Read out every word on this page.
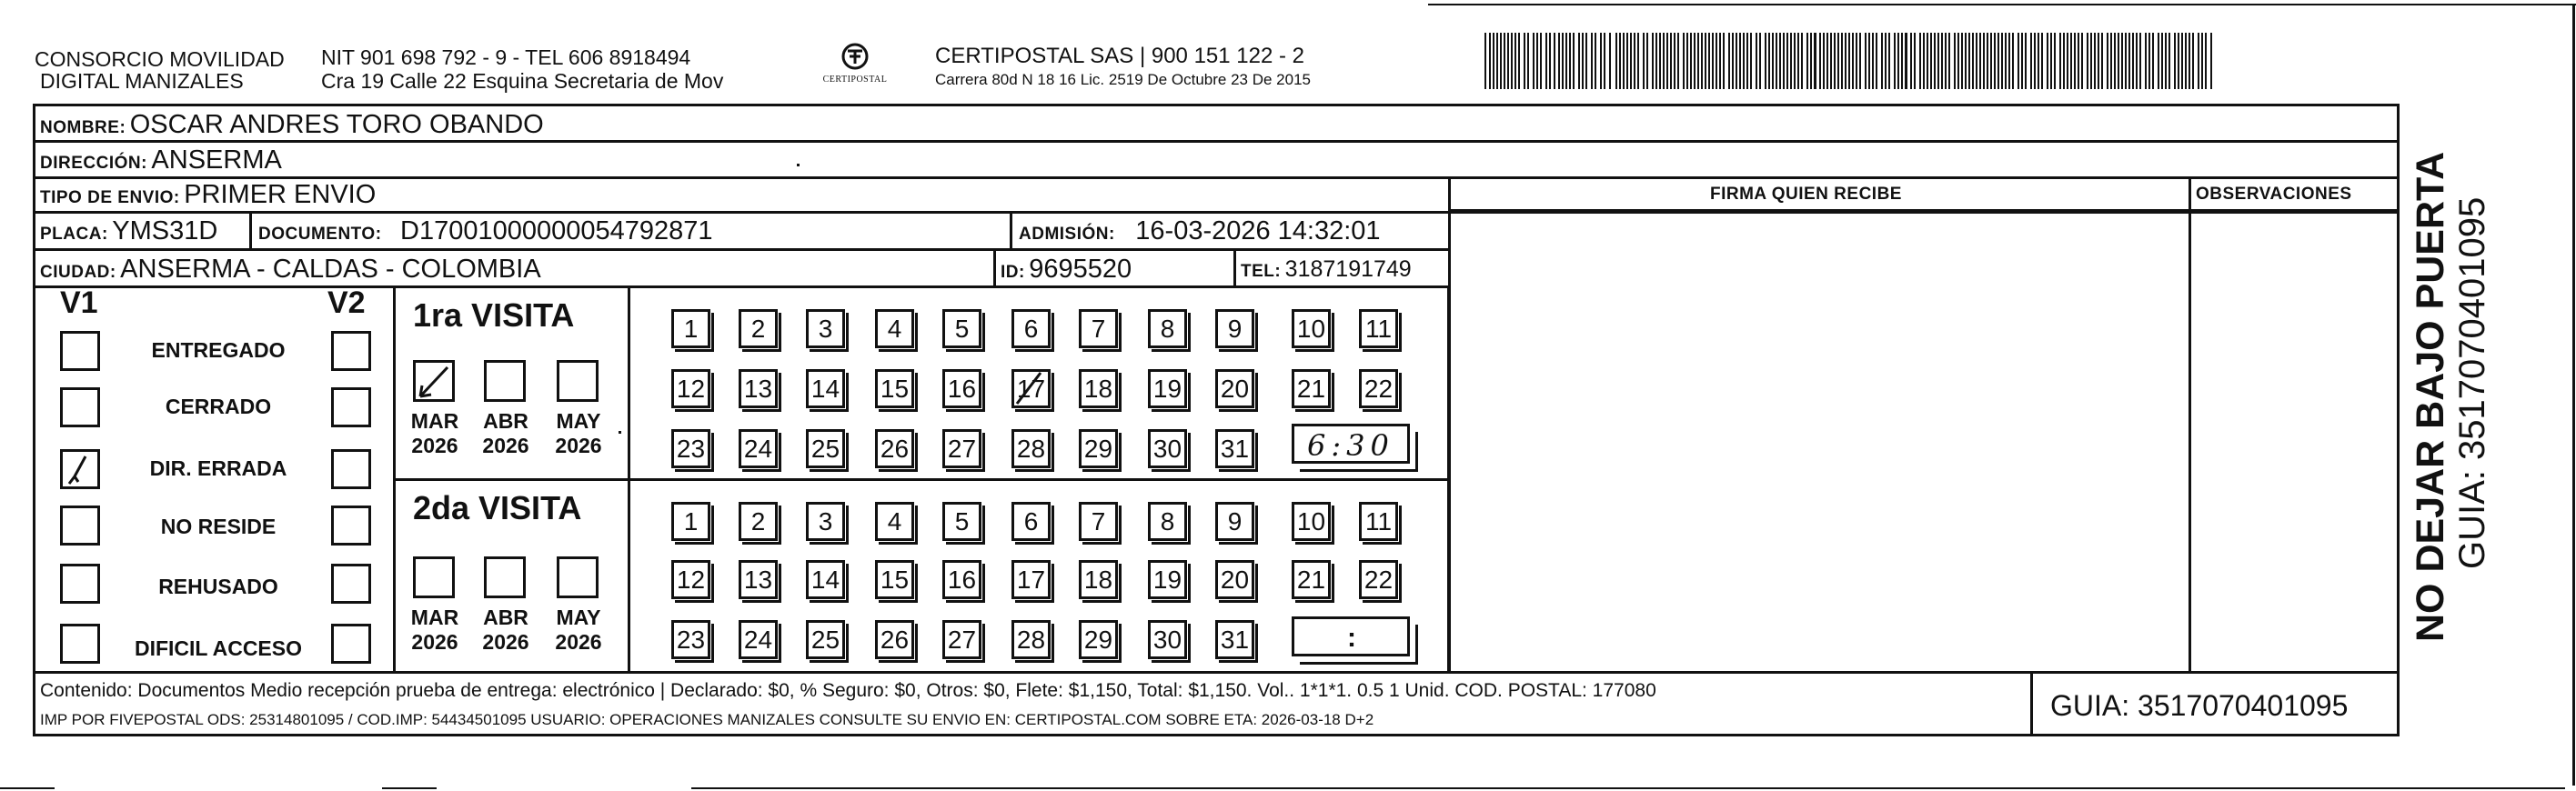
CONSORCIO MOVILIDAD
DIGITAL MANIZALES
NIT 901 698 792 - 9 - TEL 606 8918494
Cra 19 Calle 22 Esquina Secretaria de Mov	CERTIPOSTAL
CERTIPOSTAL SAS | 900 151 122 - 2
Carrera 80d N 18 16 Lic. 2519 De Octubre 23 De 2015
NOMBRE: OSCAR ANDRES TORO OBANDO
DIRECCIÓN: ANSERMA
TIPO DE ENVIO: PRIMER ENVIO	FIRMA QUIEN RECIBE	OBSERVACIONES
PLACA: YMS31D DOCUMENTO: D17001000000054792871	ADMISIÓN: 16-03-2026 14:32:01
CIUDAD: ANSERMA - CALDAS - COLOMBIA	ID: 9695520	TEL: 3187191749
V1	V2
ENTREGADO
CERRADO
DIR. ERRADA
NO RESIDE
REHUSADO
DIFICIL ACCESO
1ra VISITA
2da VISITA
MAR
2026
ABR
2026
MAY
2026
MAR
2026
ABR
2026
MAY
2026
1	2	3	4	5	6	7	8	9	10 11
12 13 14 15 16 17 18 19 20 21 22
23 24 25 26 27 28 29 30 31
1	2	3	4	5	6	7	8	9	10 11
12 13 14 15 16 17 18 19 20 21 22
23 24 25 26 27 28 29 30 31
6:30
:
Contenido: Documentos Medio recepción prueba de entrega: electrónico | Declarado: $0, % Seguro: $0, Otros: $0, Flete: $1,150, Total: $1,150. Vol.. 1*1*1. 0.5 1 Unid. COD. POSTAL: 177080
IMP POR FIVEPOSTAL ODS: 25314801095 / COD.IMP: 54434501095 USUARIO: OPERACIONES MANIZALES CONSULTE SU ENVIO EN: CERTIPOSTAL.COM SOBRE ETA: 2026-03-18 D+2	GUIA: 3517070401095
NO DEJAR BAJO PUERTA GUIA: 3517070401095
